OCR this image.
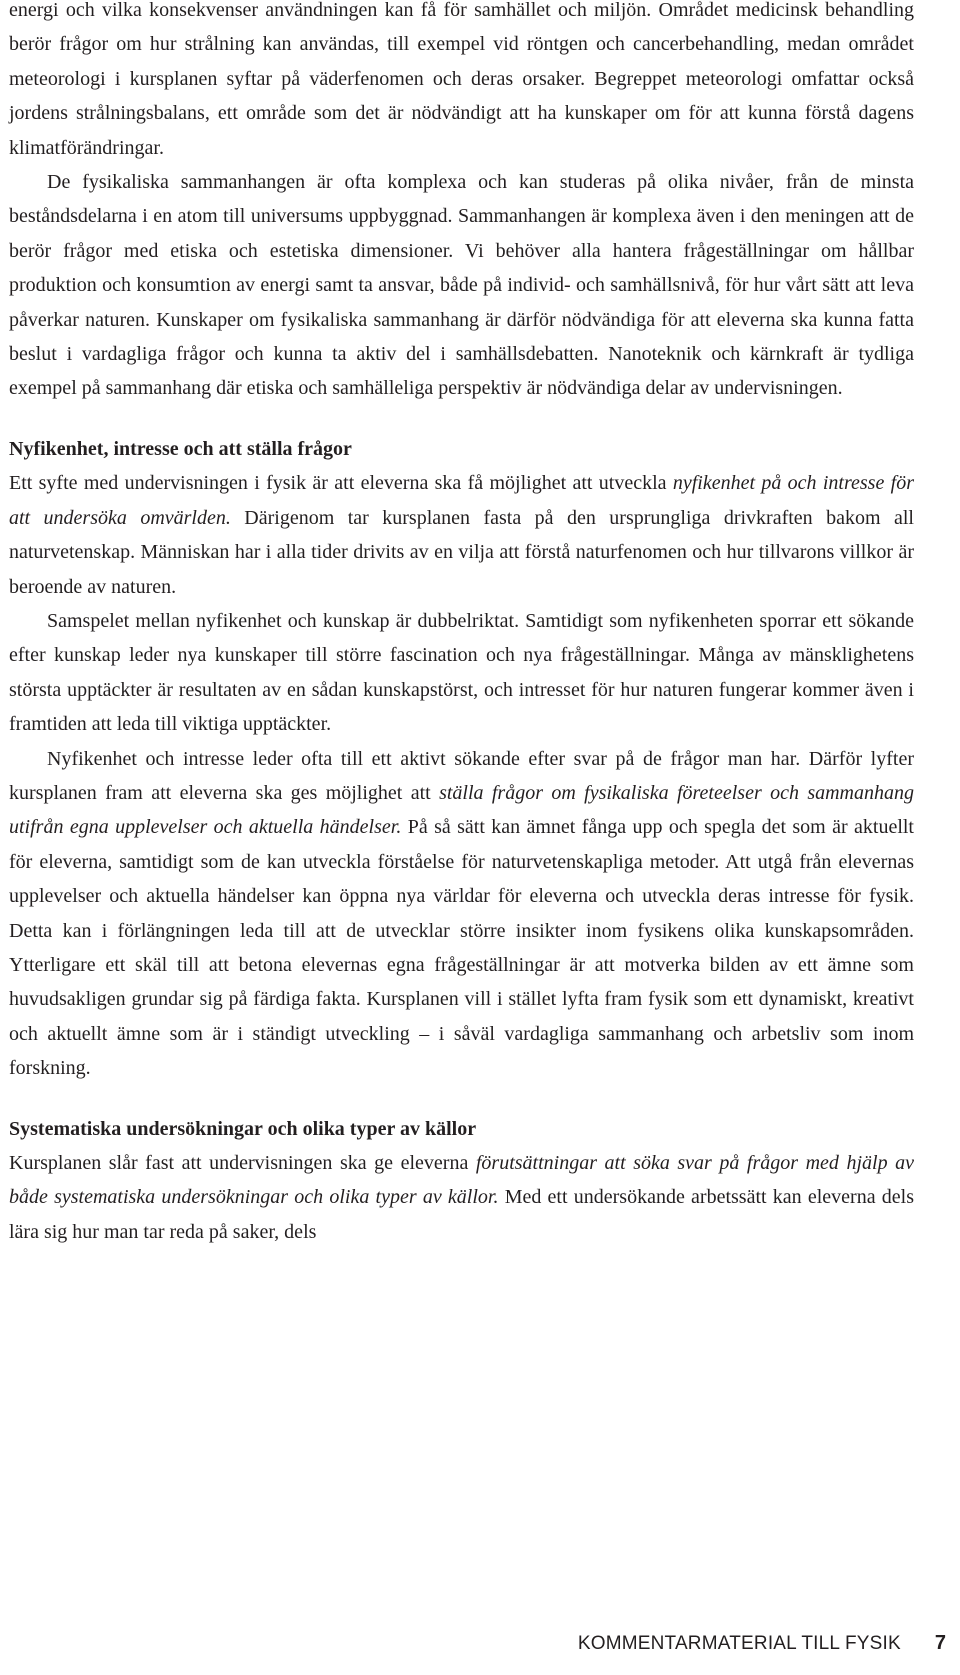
energi och vilka konsekvenser användningen kan få för samhället och miljön. Området medicinsk behandling berör frågor om hur strålning kan användas, till exempel vid röntgen och cancerbehandling, medan området meteorologi i kursplanen syftar på väderfenomen och deras orsaker. Begreppet meteorologi omfattar också jordens strålningsbalans, ett område som det är nödvändigt att ha kunskaper om för att kunna förstå dagens klimatförändringar.

De fysikaliska sammanhangen är ofta komplexa och kan studeras på olika nivåer, från de minsta beståndsdelarna i en atom till universums uppbyggnad. Sammanhangen är komplexa även i den meningen att de berör frågor med etiska och estetiska dimensioner. Vi behöver alla hantera frågeställningar om hållbar produktion och konsumtion av energi samt ta ansvar, både på individ- och samhällsnivå, för hur vårt sätt att leva påverkar naturen. Kunskaper om fysikaliska sammanhang är därför nödvändiga för att eleverna ska kunna fatta beslut i vardagliga frågor och kunna ta aktiv del i samhällsdebatten. Nanoteknik och kärnkraft är tydliga exempel på sammanhang där etiska och samhälleliga perspektiv är nödvändiga delar av undervisningen.

Nyfikenhet, intresse och att ställa frågor

Ett syfte med undervisningen i fysik är att eleverna ska få möjlighet att utveckla nyfikenhet på och intresse för att undersöka omvärlden. Därigenom tar kursplanen fasta på den ursprungliga drivkraften bakom all naturvetenskap. Människan har i alla tider drivits av en vilja att förstå naturfenomen och hur tillvarons villkor är beroende av naturen.

Samspelet mellan nyfikenhet och kunskap är dubbelriktat. Samtidigt som nyfikenheten sporrar ett sökande efter kunskap leder nya kunskaper till större fascination och nya frågeställningar. Många av mänsklighetens största upptäckter är resultaten av en sådan kunskapstörst, och intresset för hur naturen fungerar kommer även i framtiden att leda till viktiga upptäckter.

Nyfikenhet och intresse leder ofta till ett aktivt sökande efter svar på de frågor man har. Därför lyfter kursplanen fram att eleverna ska ges möjlighet att ställa frågor om fysikaliska företeelser och sammanhang utifrån egna upplevelser och aktuella händelser. På så sätt kan ämnet fånga upp och spegla det som är aktuellt för eleverna, samtidigt som de kan utveckla förståelse för naturvetenskapliga metoder. Att utgå från elevernas upplevelser och aktuella händelser kan öppna nya världar för eleverna och utveckla deras intresse för fysik. Detta kan i förlängningen leda till att de utvecklar större insikter inom fysikens olika kunskapsområden. Ytterligare ett skäl till att betona elevernas egna frågeställningar är att motverka bilden av ett ämne som huvudsakligen grundar sig på färdiga fakta. Kursplanen vill i stället lyfta fram fysik som ett dynamiskt, kreativt och aktuellt ämne som är i ständigt utveckling – i såväl vardagliga sammanhang och arbetsliv som inom forskning.

Systematiska undersökningar och olika typer av källor

Kursplanen slår fast att undervisningen ska ge eleverna förutsättningar att söka svar på frågor med hjälp av både systematiska undersökningar och olika typer av källor. Med ett undersökande arbetssätt kan eleverna dels lära sig hur man tar reda på saker, dels

KOMMENTARMATERIAL TILL FYSIK 7
